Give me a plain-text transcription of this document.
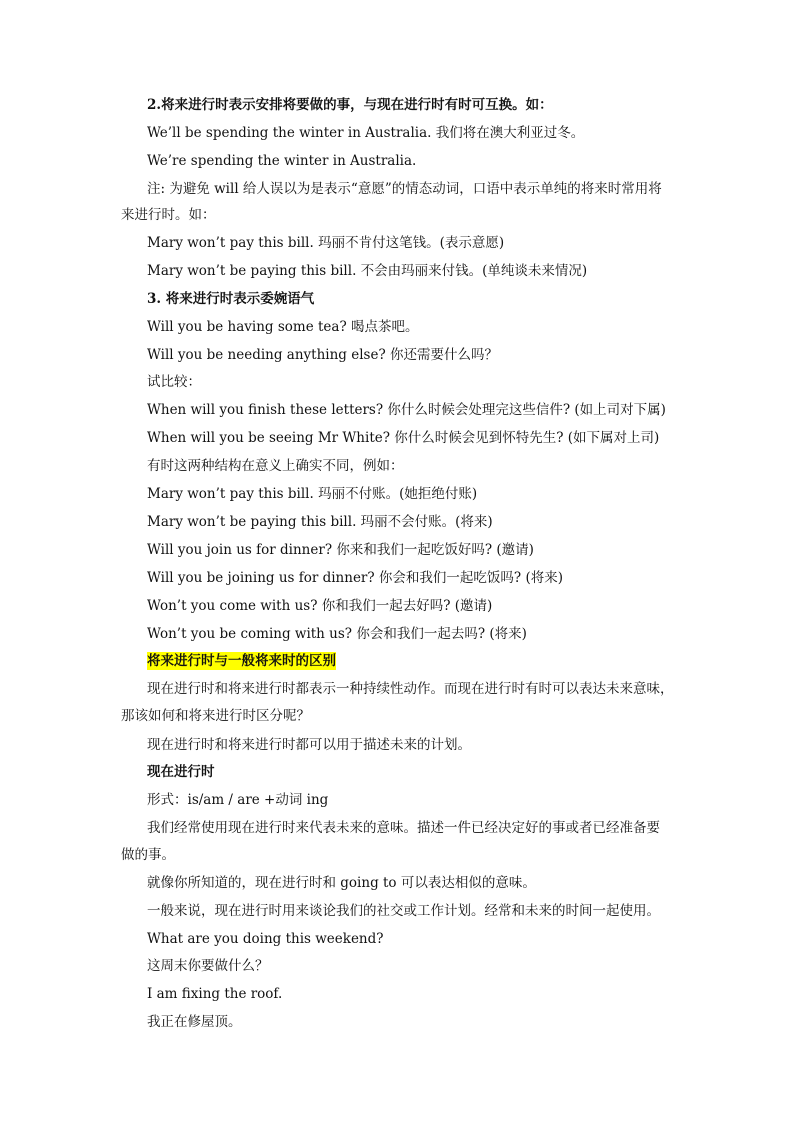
2.将来进行时表示安排将要做的事，与现在进行时有时可互换。如：
We’ll be spending the winter in Australia. 我们将在澳大利亚过冬。
We’re spending the winter in Australia.
注: 为避免 will 给人误以为是表示“意愿”的情态动词，口语中表示单纯的将来时常用将
来进行时。如：
Mary won’t pay this bill. 玛丽不肯付这笔钱。(表示意愿)
Mary won’t be paying this bill. 不会由玛丽来付钱。(单纯谈未来情况)
3. 将来进行时表示委婉语气
Will you be having some tea? 喝点茶吧。
Will you be needing anything else? 你还需要什么吗？
试比较：
When will you finish these letters? 你什么时候会处理完这些信件? (如上司对下属)
When will you be seeing Mr White? 你什么时候会见到怀特先生? (如下属对上司)
有时这两种结构在意义上确实不同，例如：
Mary won’t pay this bill. 玛丽不付账。(她拒绝付账)
Mary won’t be paying this bill. 玛丽不会付账。(将来)
Will you join us for dinner? 你来和我们一起吃饭好吗? (邀请)
Will you be joining us for dinner? 你会和我们一起吃饭吗? (将来)
Won’t you come with us? 你和我们一起去好吗? (邀请)
Won’t you be coming with us? 你会和我们一起去吗? (将来)
将来进行时与一般将来时的区别
现在进行时和将来进行时都表示一种持续性动作。而现在进行时有时可以表达未来意味，
那该如何和将来进行时区分呢？
现在进行时和将来进行时都可以用于描述未来的计划。
现在进行时
形式：is/am / are +动词 ing
我们经常使用现在进行时来代表未来的意味。描述一件已经决定好的事或者已经准备要
做的事。
就像你所知道的，现在进行时和 going to 可以表达相似的意味。
一般来说，现在进行时用来谈论我们的社交或工作计划。经常和未来的时间一起使用。
What are you doing this weekend?
这周末你要做什么？
I am fixing the roof.
我正在修屋顶。
